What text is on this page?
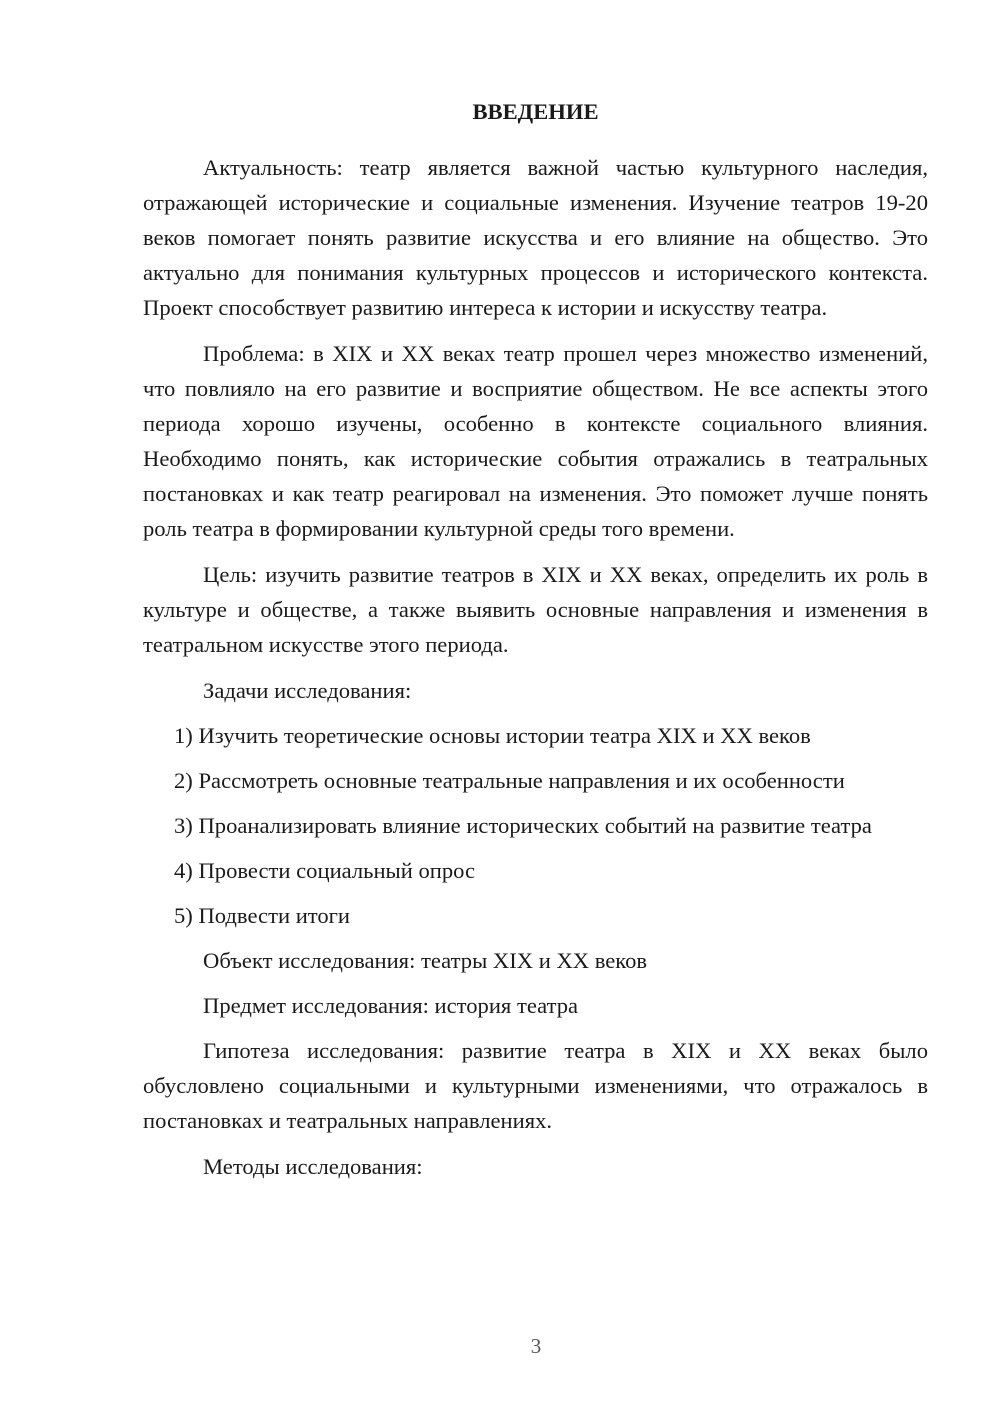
ВВЕДЕНИЕ

Актуальность: театр является важной частью культурного наследия, отражающей исторические и социальные изменения. Изучение театров 19-20 веков помогает понять развитие искусства и его влияние на общество. Это актуально для понимания культурных процессов и исторического контекста. Проект способствует развитию интереса к истории и искусству театра.

Проблема: в XIX и XX веках театр прошел через множество изменений, что повлияло на его развитие и восприятие обществом. Не все аспекты этого периода хорошо изучены, особенно в контексте социального влияния. Необходимо понять, как исторические события отражались в театральных постановках и как театр реагировал на изменения. Это поможет лучше понять роль театра в формировании культурной среды того времени.

Цель: изучить развитие театров в XIX и XX веках, определить их роль в культуре и обществе, а также выявить основные направления и изменения в театральном искусстве этого периода.

Задачи исследования:

1) Изучить теоретические основы истории театра XIX и XX веков

2) Рассмотреть основные театральные направления и их особенности

3) Проанализировать влияние исторических событий на развитие театра

4) Провести социальный опрос

5) Подвести итоги

Объект исследования: театры XIX и XX веков

Предмет исследования: история театра

Гипотеза исследования: развитие театра в XIX и XX веках было обусловлено социальными и культурными изменениями, что отражалось в постановках и театральных направлениях.

Методы исследования:

3
